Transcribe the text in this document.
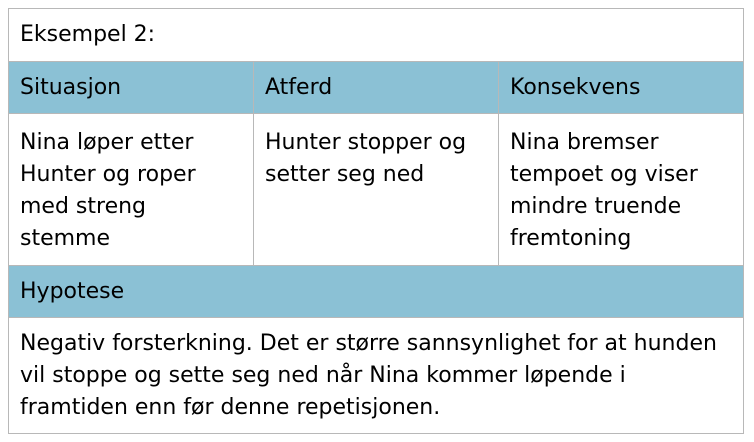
Eksempel 2:
Situasjon	Atferd	Konsekvens
Nina løper etter Hunter og roper med streng stemme
Hunter stopper og setter seg ned
Nina bremser tempoet og viser mindre truende fremtoning
Hypotese
Negativ forsterkning. Det er større sannsynlighet for at hunden vil stoppe og sette seg ned når Nina kommer løpende i framtiden enn før denne repetisjonen.
